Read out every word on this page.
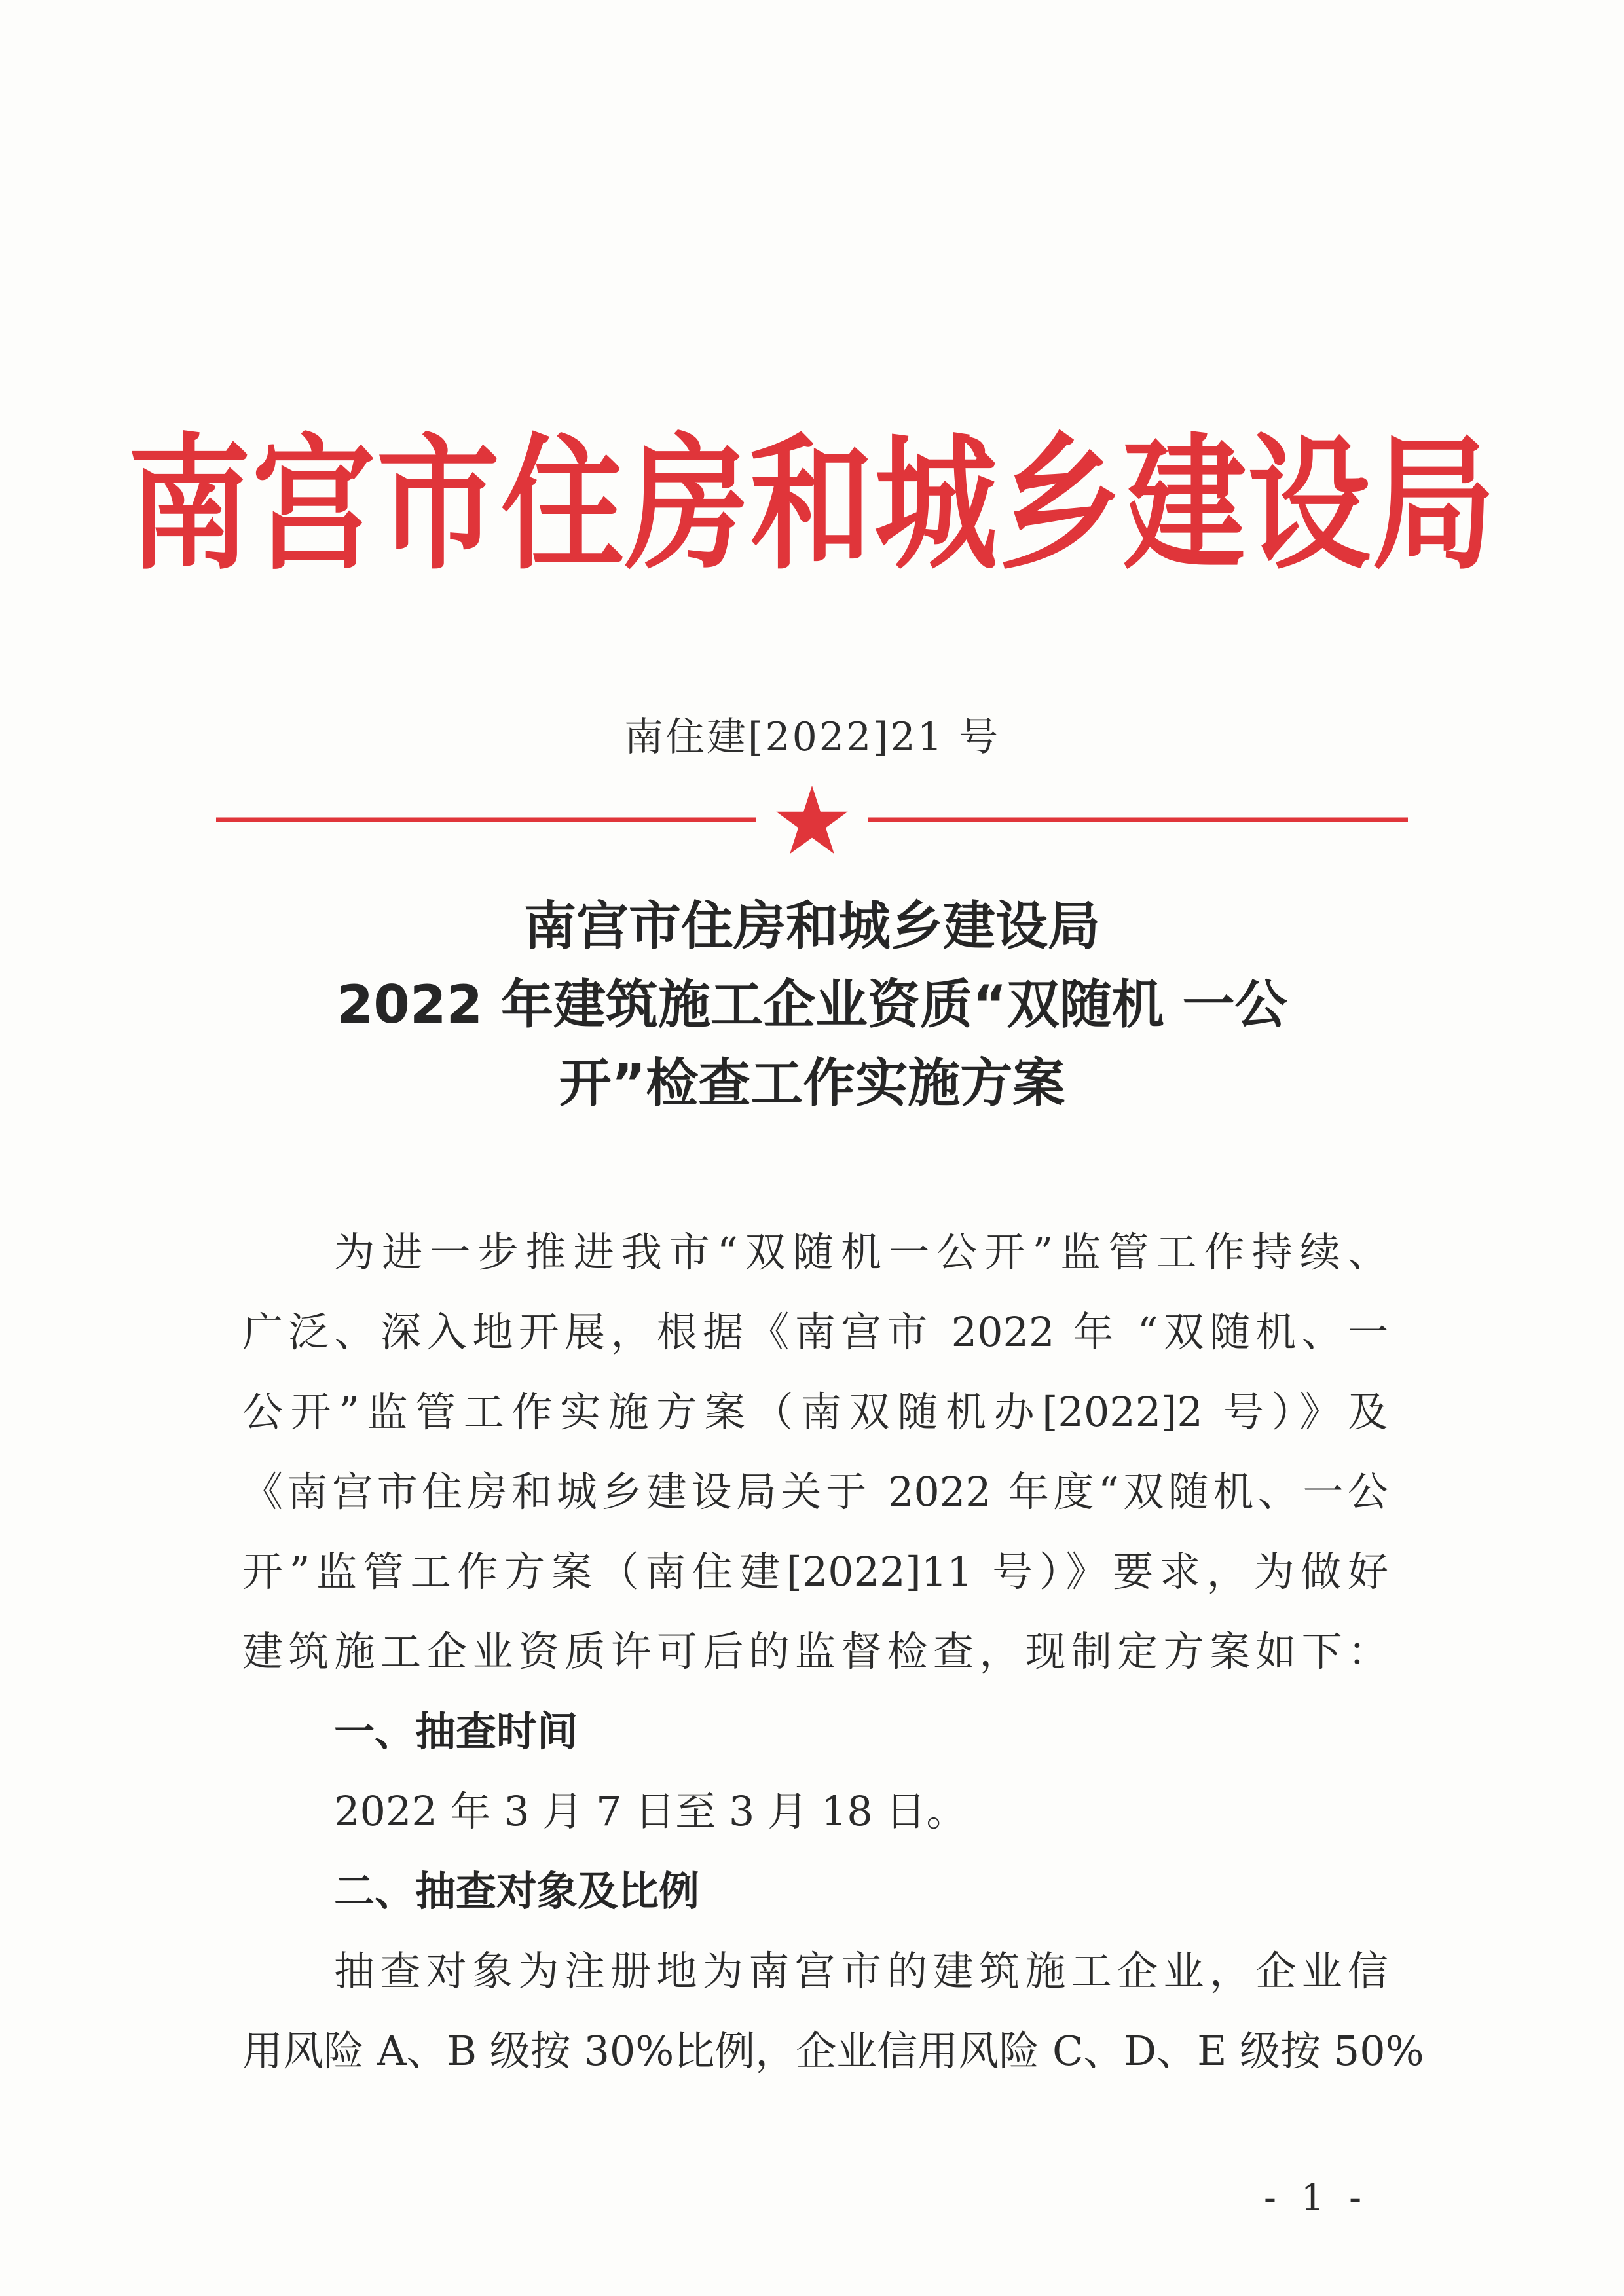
南宫市住房和城乡建设局
南住建[2022]21 号
南宫市住房和城乡建设局
2022 年建筑施工企业资质“双随机 一公
开”检查工作实施方案
为进一步推进我市“双随机一公开”监管工作持续、
广泛、深入地开展，根据《南宫市 2022 年 “双随机、一
公开”监管工作实施方案（南双随机办[2022]2 号）》及
《南宫市住房和城乡建设局关于 2022 年度“双随机、一公
开”监管工作方案（南住建[2022]11 号）》要求，为做好
建筑施工企业资质许可后的监督检查，现制定方案如下：
一、抽查时间
2022 年 3 月 7 日至 3 月 18 日。
二、抽查对象及比例
抽查对象为注册地为南宫市的建筑施工企业，企业信
用风险 A、B 级按 30%比例，企业信用风险 C、D、E 级按 50%
- 1 -
